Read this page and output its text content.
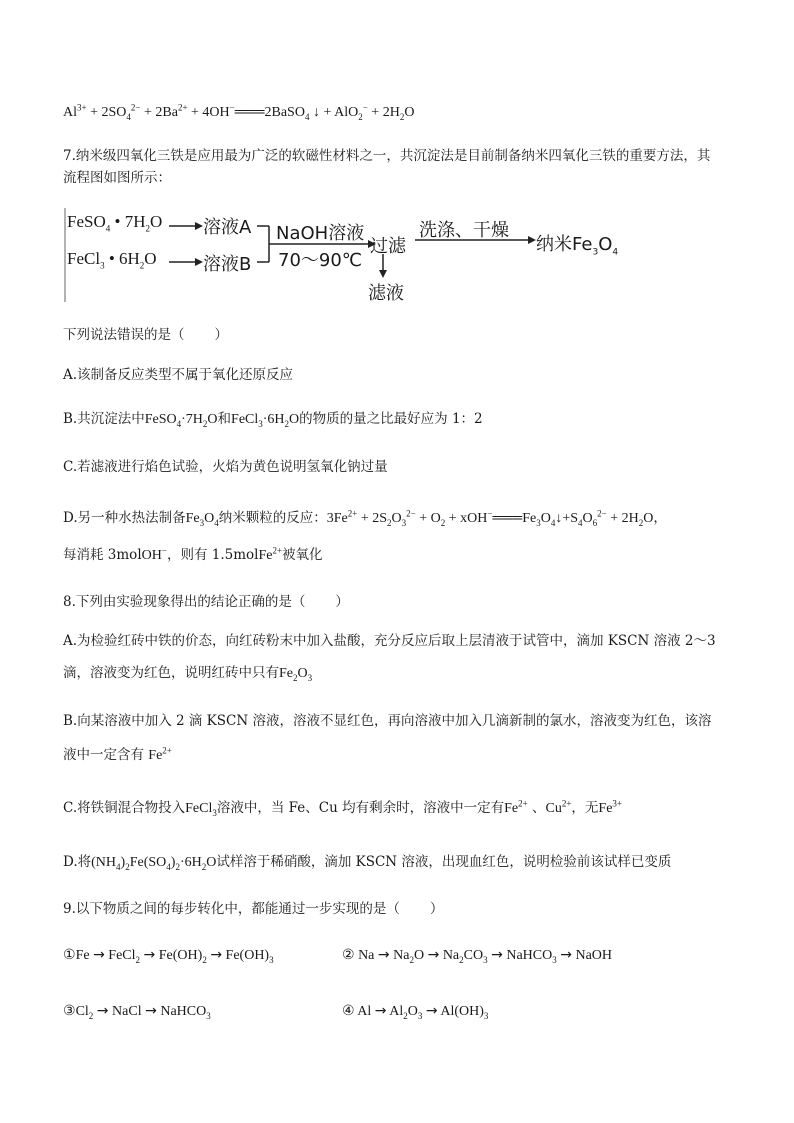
$Al^{3+} + 2SO_4^{2-} + 2Ba^{2+}$ + 4OH−═══2BaSO$_4$ ↓ + $AlO_2^- + 2H_2O$
7.纳米级四氧化三铁是应用最为广泛的软磁性材料之一，共沉淀法是目前制备纳米四氧化三铁的重要方法，其
流程图如图所示：
FeSO$_4$ • $7H_2O$ 溶液A
FeCl$_3$ • $6H_2O$	溶液B
NaOH溶液
70～90℃
过滤
洗涤、干燥
滤液
纳米$Fe_3O_4$
下列说法错误的是（ ）
A.该制备反应类型不属于氧化还原反应
B.共沉淀法中$FeSO_4\cdot 7H_2O$和$FeCl_3\cdot 6H_2O$的物质的量之比最好应为 1：2
C.若滤液进行焰色试验，火焰为黄色说明氢氧化钠过量
D.另一种水热法制备$Fe_3O_4$纳米颗粒的反应：$3Fe^{2+} + 2S_2O_3^{2-} + O_2$ + $xOH^-═══Fe_3O_4↓+S_4O_6^{2-} + 2H_2O$，
每消耗 3molOH−，则有 1.5molFe$^{2+}$被氧化
8.下列由实验现象得出的结论正确的是（ ）
A.为检验红砖中铁的价态，向红砖粉末中加入盐酸，充分反应后取上层清液于试管中，滴加 KSCN 溶液 2～3
滴，溶液变为红色，说明红砖中只有$Fe_2O_3$
B.向某溶液中加入 2 滴 KSCN 溶液，溶液不显红色，再向溶液中加入几滴新制的氯水，溶液变为红色，该溶
液中一定含有 $Fe^{2+}$
C.将铁铜混合物投入FeCl$_3$溶液中，当 Fe、Cu 均有剩余时，溶液中一定有$Fe^{2+}$ 、$Cu^{2+}$，无$Fe^{3+}$
D.将$(NH_4)_2Fe(SO_4)_2\cdot 6H_2O$试样溶于稀硝酸，滴加 KSCN 溶液，出现血红色，说明检验前该试样已变质
9.以下物质之间的每步转化中，都能通过一步实现的是（ ）
①Fe → FeCl$_2$ → $Fe(OH)_2 \to Fe(OH)_3$	② $Na \to Na_2O \to Na_2CO_3$ → NaHCO$_3$ → NaOH
$③Cl_2$ → NaCl → NaHCO$_3$	④ $Al \to Al_2O_3 \to Al(OH)_3$
